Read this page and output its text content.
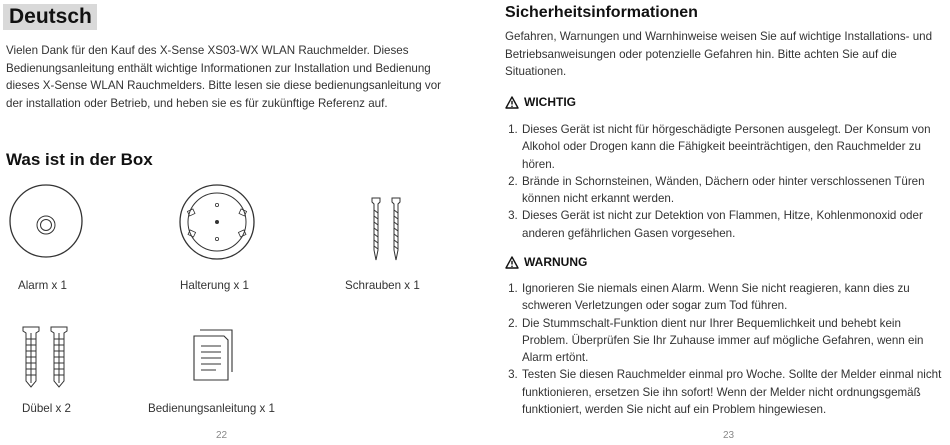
Deutsch
Vielen Dank für den Kauf des X-Sense XS03-WX WLAN Rauchmelder. Dieses Bedienungsanleitung enthält wichtige Informationen zur Installation und Bedienung dieses X-Sense WLAN Rauchmelders. Bitte lesen sie diese bedienungsanleitung vor der installation oder Betrieb, und heben sie es für zukünftige Referenz auf.
Was ist in der Box
Alarm x 1	Halterung x 1	Schrauben x 1
Dübel x 2	Bedienungsanleitung x 1
22
Sicherheitsinformationen
Gefahren, Warnungen und Warnhinweise weisen Sie auf wichtige Installations- und Betriebsanweisungen oder potenzielle Gefahren hin. Bitte achten Sie auf die Situationen.
WICHTIG
1. Dieses Gerät ist nicht für hörgeschädigte Personen ausgelegt. Der Konsum von Alkohol oder Drogen kann die Fähigkeit beeinträchtigen, den Rauchmelder zu hören.
2. Brände in Schornsteinen, Wänden, Dächern oder hinter verschlossenen Türen können nicht erkannt werden.
3. Dieses Gerät ist nicht zur Detektion von Flammen, Hitze, Kohlenmonoxid oder anderen gefährlichen Gasen vorgesehen.
WARNUNG
1. Ignorieren Sie niemals einen Alarm. Wenn Sie nicht reagieren, kann dies zu schweren Verletzungen oder sogar zum Tod führen.
2. Die Stummschalt-Funktion dient nur Ihrer Bequemlichkeit und behebt kein Problem. Überprüfen Sie Ihr Zuhause immer auf mögliche Gefahren, wenn ein Alarm ertönt.
3. Testen Sie diesen Rauchmelder einmal pro Woche. Sollte der Melder einmal nicht funktionieren, ersetzen Sie ihn sofort! Wenn der Melder nicht ordnungsgemäß funktioniert, werden Sie nicht auf ein Problem hingewiesen.
23
